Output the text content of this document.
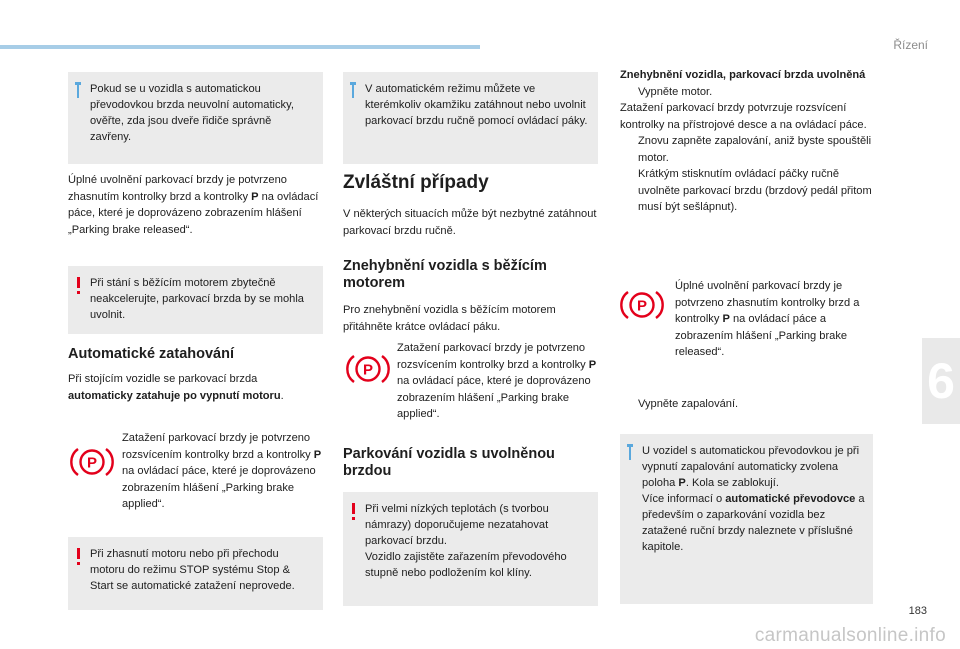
Řízení
6
Pokud se u vozidla s automatickou převodovkou brzda neuvolní automaticky, ověřte, zda jsou dveře řidiče správně zavřeny.
Úplné uvolnění parkovací brzdy je potvrzeno zhasnutím kontrolky brzd a kontrolky P na ovládací páce, které je doprovázeno zobrazením hlášení „Parking brake released“.
Při stání s běžícím motorem zbytečně neakcelerujte, parkovací brzda by se mohla uvolnit.
Automatické zatahování
Při stojícím vozidle se parkovací brzda automaticky zatahuje po vypnutí motoru.
P
Zatažení parkovací brzdy je potvrzeno rozsvícením kontrolky brzd a kontrolky P na ovládací páce, které je doprovázeno zobrazením hlášení „Parking brake applied“.
Při zhasnutí motoru nebo při přechodu motoru do režimu STOP systému Stop & Start se automatické zatažení neprovede.
V automatickém režimu můžete ve kterémkoliv okamžiku zatáhnout nebo uvolnit parkovací brzdu ručně pomocí ovládací páky.
Zvláštní případy
V některých situacích může být nezbytné zatáhnout parkovací brzdu ručně.
Znehybnění vozidla s běžícím motorem
Pro znehybnění vozidla s běžícím motorem přitáhněte krátce ovládací páku.
P
Zatažení parkovací brzdy je potvrzeno rozsvícením kontrolky brzd a kontrolky P na ovládací páce, které je doprovázeno zobrazením hlášení „Parking brake applied“.
Parkování vozidla s uvolněnou brzdou
Při velmi nízkých teplotách (s tvorbou námrazy) doporučujeme nezatahovat parkovací brzdu.
Vozidlo zajistěte zařazením převodového stupně nebo podložením kol klíny.
Znehybnění vozidla, parkovací brzda uvolněná
Vypněte motor.
Zatažení parkovací brzdy potvrzuje rozsvícení kontrolky na přístrojové desce a na ovládací páce.
Znovu zapněte zapalování, aniž byste spouštěli motor.
Krátkým stisknutím ovládací páčky ručně uvolněte parkovací brzdu (brzdový pedál přitom musí být sešlápnut).
P
Úplné uvolnění parkovací brzdy je potvrzeno zhasnutím kontrolky brzd a kontrolky P na ovládací páce a zobrazením hlášení „Parking brake released“.
Vypněte zapalování.
U vozidel s automatickou převodovkou je při vypnutí zapalování automaticky zvolena poloha P. Kola se zablokují.
Více informací o automatické převodovce a především o zaparkování vozidla bez zatažené ruční brzdy naleznete v příslušné kapitole.
183
carmanualsonline.info
